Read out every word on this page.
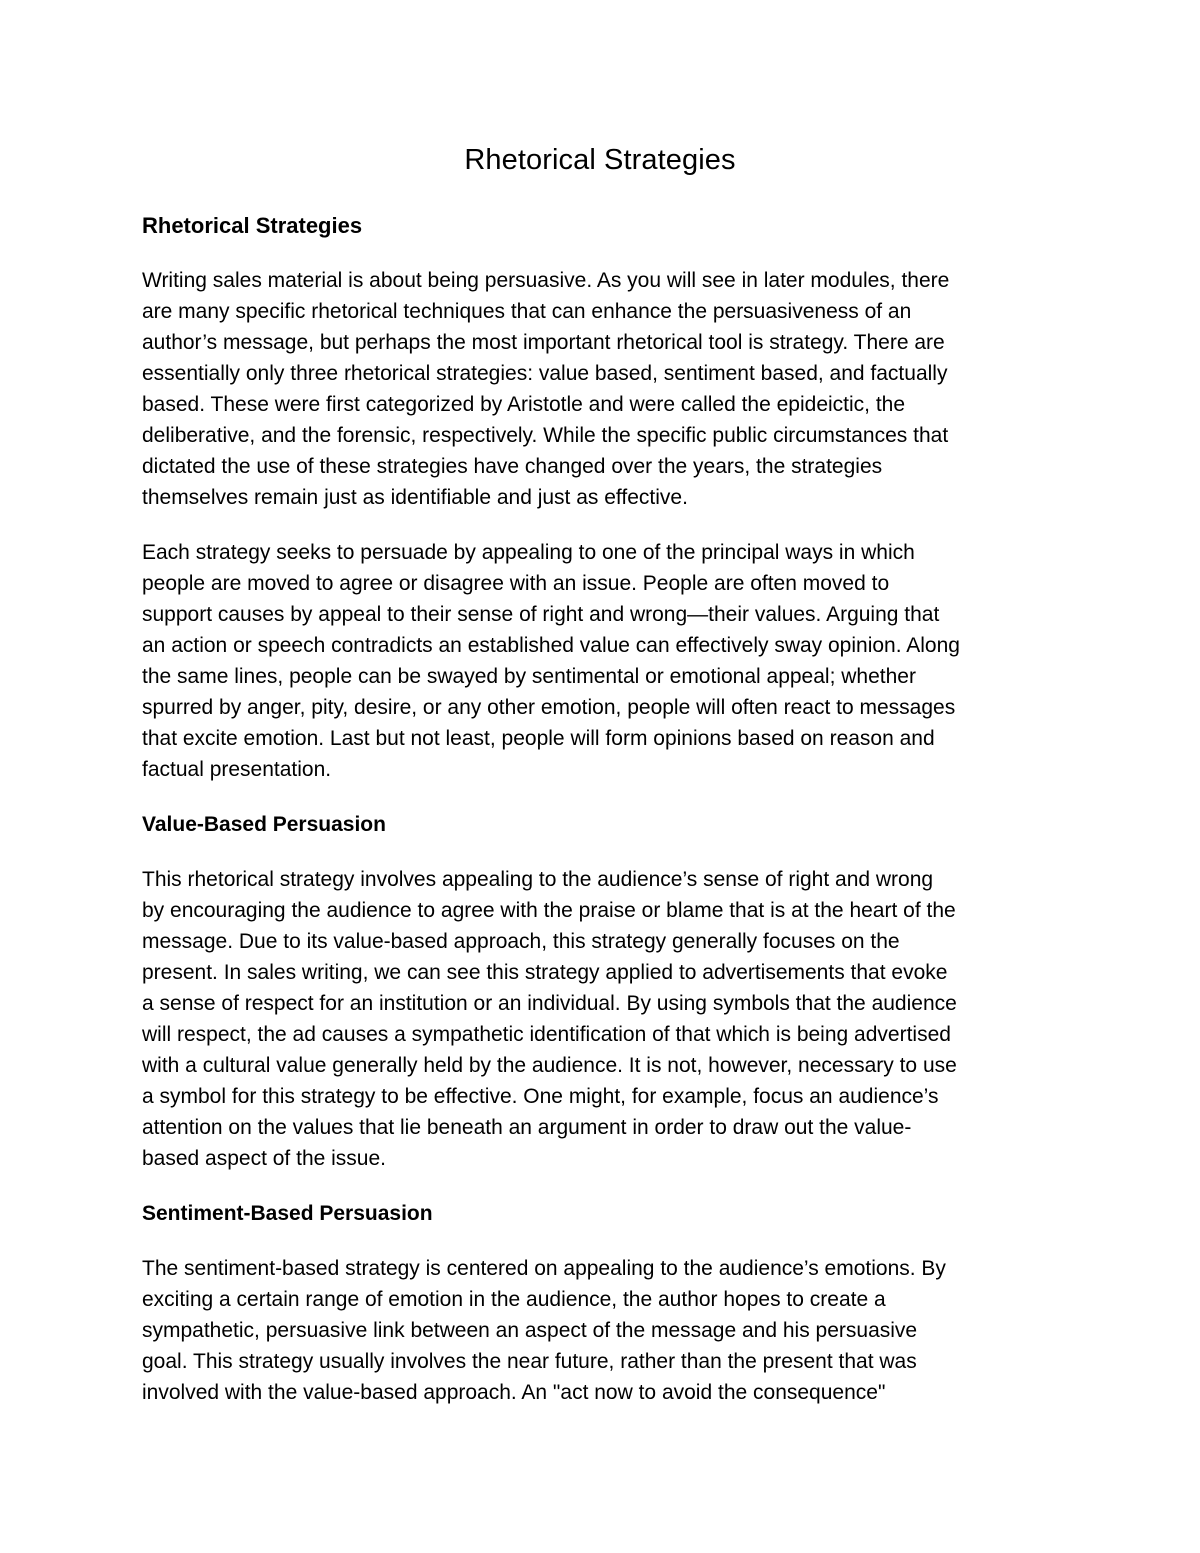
Rhetorical Strategies
Rhetorical Strategies

Writing sales material is about being persuasive. As you will see in later modules, there
are many specific rhetorical techniques that can enhance the persuasiveness of an
author’s message, but perhaps the most important rhetorical tool is strategy. There are
essentially only three rhetorical strategies: value based, sentiment based, and factually
based. These were first categorized by Aristotle and were called the epideictic, the
deliberative, and the forensic, respectively. While the specific public circumstances that
dictated the use of these strategies have changed over the years, the strategies
themselves remain just as identifiable and just as effective.

Each strategy seeks to persuade by appealing to one of the principal ways in which
people are moved to agree or disagree with an issue. People are often moved to
support causes by appeal to their sense of right and wrong—their values. Arguing that
an action or speech contradicts an established value can effectively sway opinion. Along
the same lines, people can be swayed by sentimental or emotional appeal; whether
spurred by anger, pity, desire, or any other emotion, people will often react to messages
that excite emotion. Last but not least, people will form opinions based on reason and
factual presentation.

Value-Based Persuasion

This rhetorical strategy involves appealing to the audience’s sense of right and wrong
by encouraging the audience to agree with the praise or blame that is at the heart of the
message. Due to its value-based approach, this strategy generally focuses on the
present. In sales writing, we can see this strategy applied to advertisements that evoke
a sense of respect for an institution or an individual. By using symbols that the audience
will respect, the ad causes a sympathetic identification of that which is being advertised
with a cultural value generally held by the audience. It is not, however, necessary to use
a symbol for this strategy to be effective. One might, for example, focus an audience’s
attention on the values that lie beneath an argument in order to draw out the value-
based aspect of the issue.

Sentiment-Based Persuasion

The sentiment-based strategy is centered on appealing to the audience’s emotions. By
exciting a certain range of emotion in the audience, the author hopes to create a
sympathetic, persuasive link between an aspect of the message and his persuasive
goal. This strategy usually involves the near future, rather than the present that was
involved with the value-based approach. An "act now to avoid the consequence"
